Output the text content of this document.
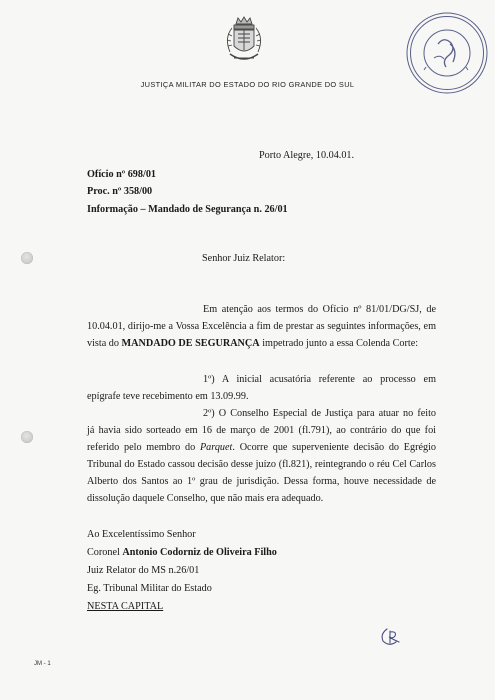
JUSTIÇA MILITAR DO ESTADO DO RIO GRANDE DO SUL
Porto Alegre, 10.04.01.
Ofício nº 698/01
Proc. nº 358/00
Informação – Mandado de Segurança n. 26/01
Senhor Juiz Relator:
Em atenção aos termos do Ofício nº 81/01/DG/SJ, de
10.04.01, dirijo-me a Vossa Excelência a fim de prestar as seguintes informações, em
vista do MANDADO DE SEGURANÇA impetrado junto a essa Colenda Corte:
1º) A inicial acusatória referente ao processo em
epígrafe teve recebimento em 13.09.99.
2º) O Conselho Especial de Justiça para atuar no feito
já havia sido sorteado em 16 de março de 2001 (fl.791), ao contrário do que foi
referido pelo membro do Parquet. Ocorre que superveniente decisão do Egrégio
Tribunal do Estado cassou decisão desse juízo (fl.821), reintegrando o réu Cel Carlos
Alberto dos Santos ao 1º grau de jurisdição. Dessa forma, houve necessidade de
dissolução daquele Conselho, que não mais era adequado.
Ao Excelentíssimo Senhor
Coronel Antonio Codorniz de Oliveira Filho
Juiz Relator do MS n.26/01
Eg. Tribunal Militar do Estado
NESTA CAPITAL
JM - 1
